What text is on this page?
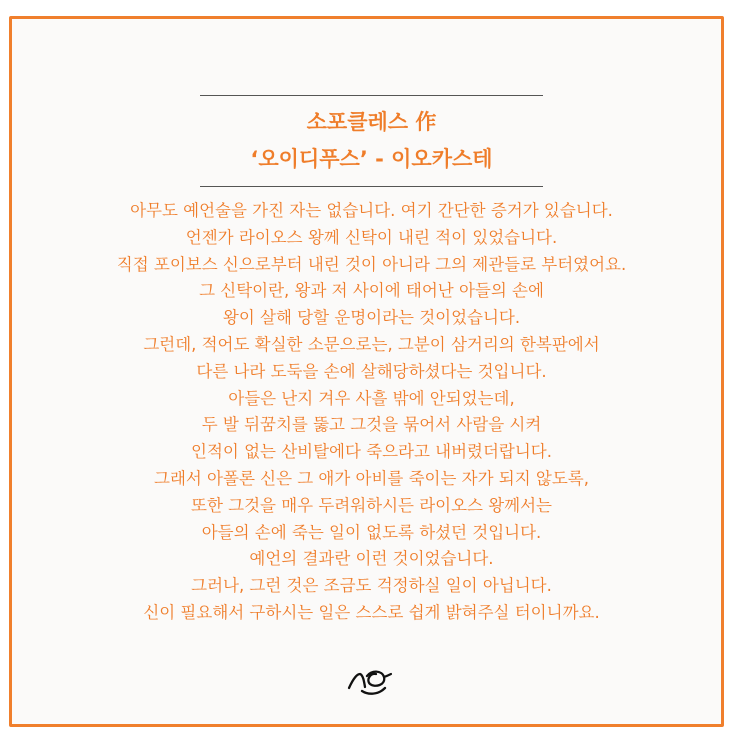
소포클레스 作
‘오이디푸스’ - 이오카스테
아무도 예언술을 가진 자는 없습니다. 여기 간단한 증거가 있습니다.
언젠가 라이오스 왕께 신탁이 내린 적이 있었습니다.
직접 포이보스 신으로부터 내린 것이 아니라 그의 제관들로 부터였어요.
그 신탁이란, 왕과 저 사이에 태어난 아들의 손에
왕이 살해 당할 운명이라는 것이었습니다.
그런데, 적어도 확실한 소문으로는, 그분이 삼거리의 한복판에서
다른 나라 도둑을 손에 살해당하셨다는 것입니다.
아들은 난지 겨우 사흘 밖에 안되었는데,
두 발 뒤꿈치를 뚫고 그것을 묶어서 사람을 시켜
인적이 없는 산비탈에다 죽으라고 내버렸더랍니다.
그래서 아폴론 신은 그 애가 아비를 죽이는 자가 되지 않도록,
또한 그것을 매우 두려워하시든 라이오스 왕께서는
아들의 손에 죽는 일이 없도록 하셨던 것입니다.
예언의 결과란 이런 것이었습니다.
그러나, 그런 것은 조금도 걱정하실 일이 아닙니다.
신이 필요해서 구하시는 일은 스스로 쉽게 밝혀주실 터이니까요.
